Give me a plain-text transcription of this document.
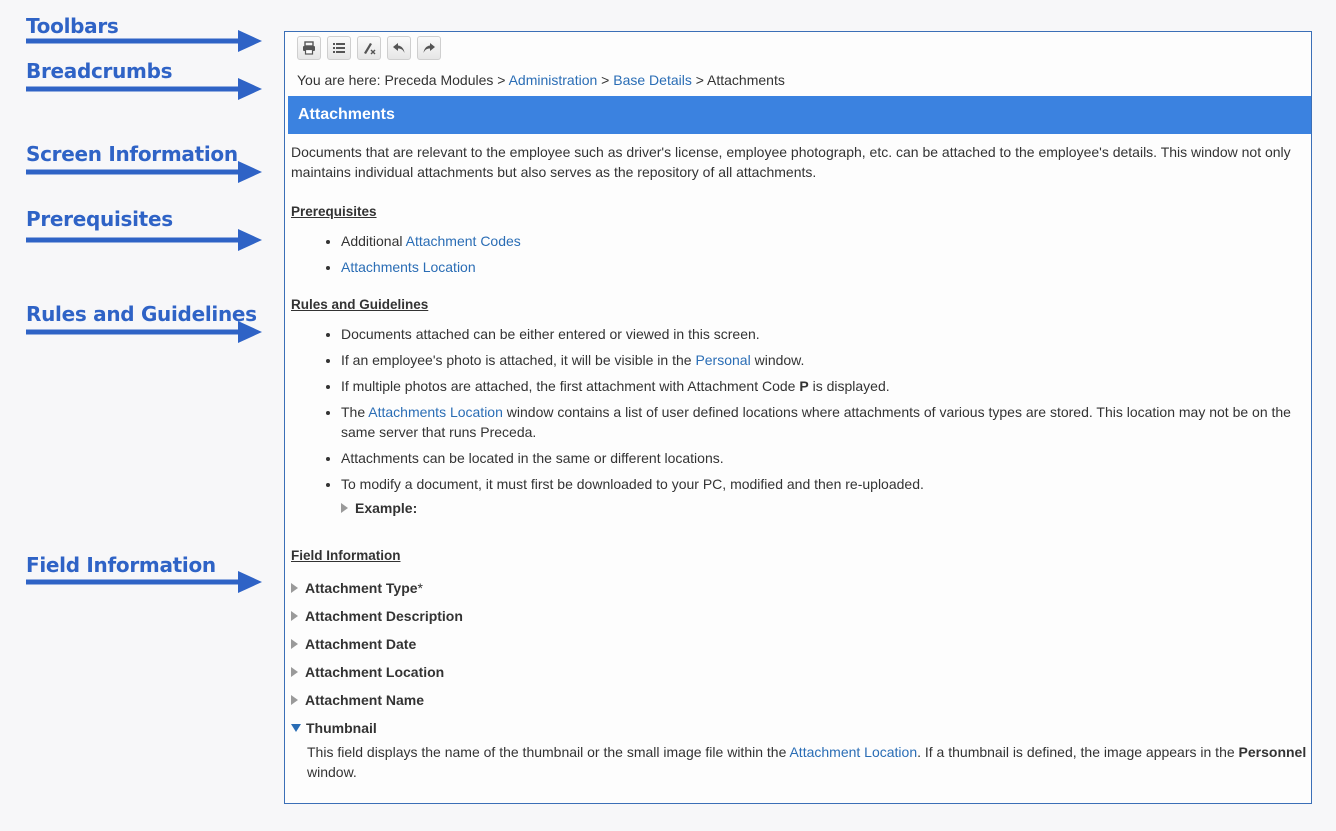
Toolbars
Breadcrumbs
Screen Information
Prerequisites
Rules and Guidelines
Field Information
You are here: Preceda Modules > Administration > Base Details > Attachments
Attachments

Documents that are relevant to the employee such as driver's license, employee photograph, etc. can be attached to the employee's details. This window not only maintains individual attachments but also serves as the repository of all attachments.

Prerequisites

• Additional Attachment Codes
• Attachments Location

Rules and Guidelines

• Documents attached can be either entered or viewed in this screen.
• If an employee's photo is attached, it will be visible in the Personal window.
• If multiple photos are attached, the first attachment with Attachment Code P is displayed.
• The Attachments Location window contains a list of user defined locations where attachments of various types are stored. This location may not be on the same server that runs Preceda.
• Attachments can be located in the same or different locations.
• To modify a document, it must first be downloaded to your PC, modified and then re-uploaded.
Example:

Field Information

Attachment Type *
Attachment Description
Attachment Date
Attachment Location
Attachment Name
Thumbnail
This field displays the name of the thumbnail or the small image file within the Attachment Location. If a thumbnail is defined, the image appears in the Personnel window.
